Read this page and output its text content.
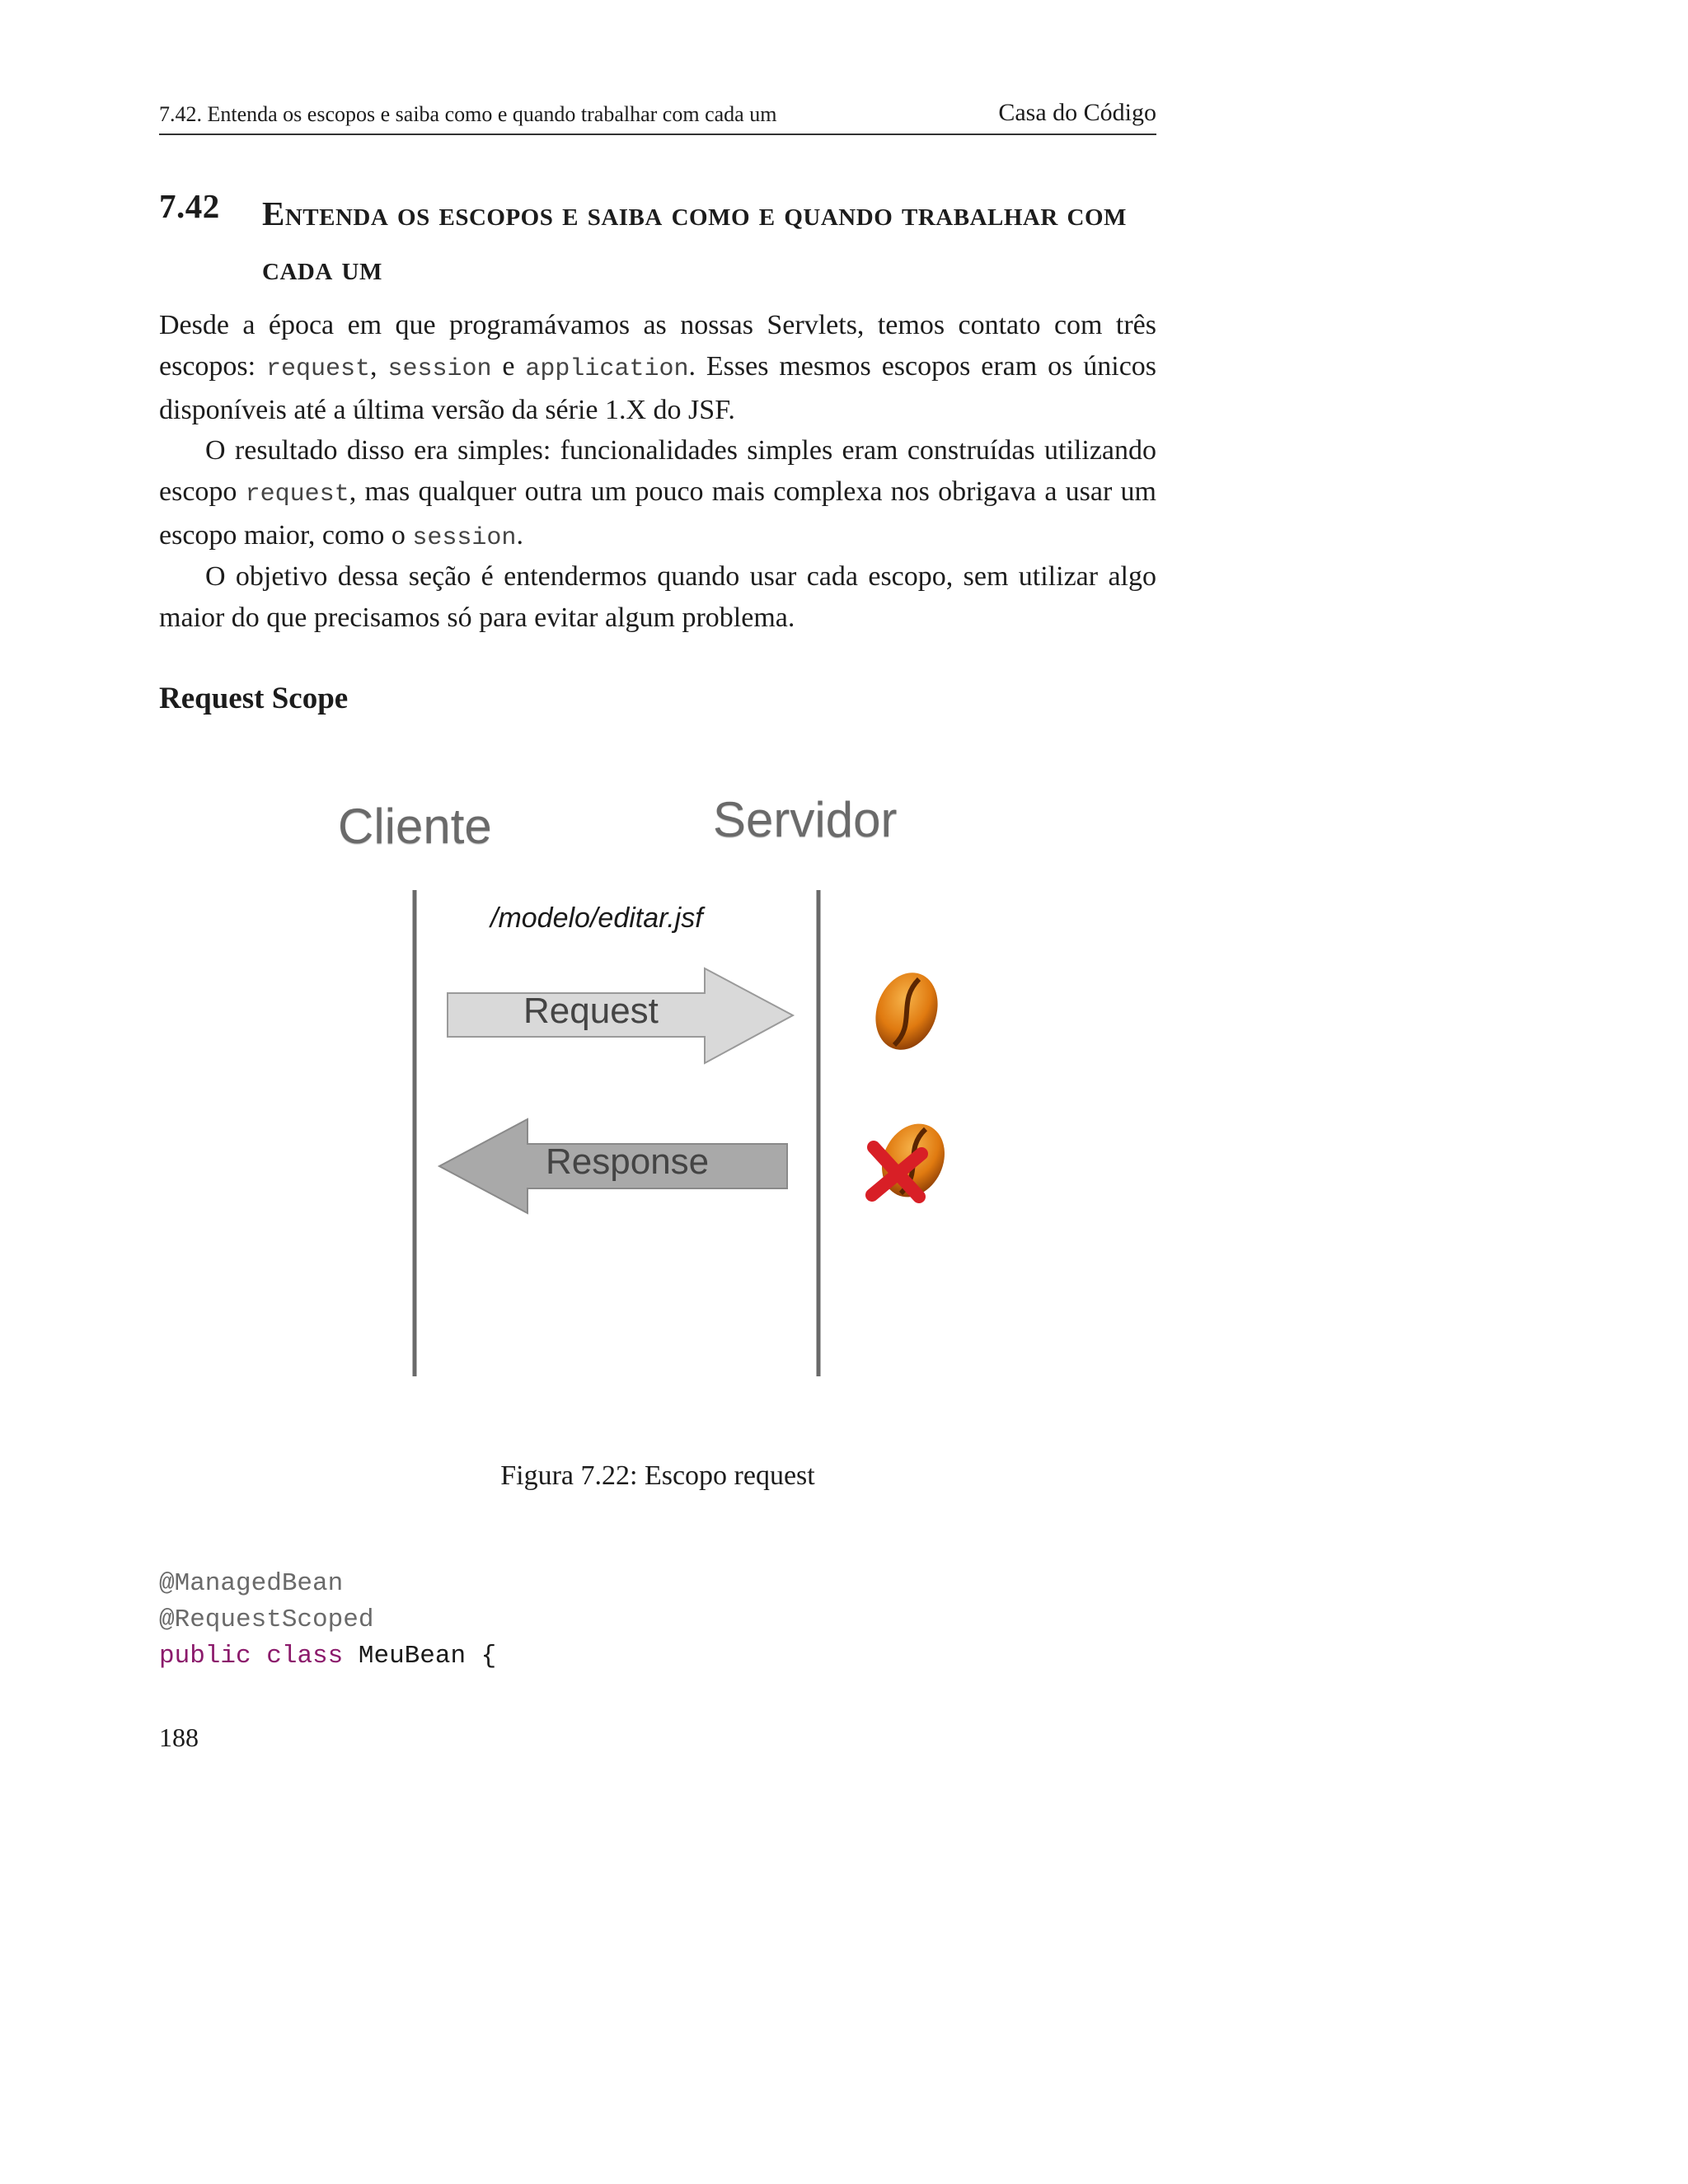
7.42. Entenda os escopos e saiba como e quando trabalhar com cada um	Casa do Código
7.42 Entenda os escopos e saiba como e quando trabalhar com cada um

Desde a época em que programávamos as nossas Servlets, temos contato com três escopos: request, session e application. Esses mesmos escopos eram os únicos disponíveis até a última versão da série 1.X do JSF.

O resultado disso era simples: funcionalidades simples eram construídas utilizando escopo request, mas qualquer outra um pouco mais complexa nos obrigava a usar um escopo maior, como o session.

O objetivo dessa seção é entendermos quando usar cada escopo, sem utilizar algo maior do que precisamos só para evitar algum problema.

Request Scope
Cliente	Servidor
/modelo/editar.jsf
Request
Response
Figura 7.22: Escopo request
@ManagedBean
@RequestScoped
public class MeuBean {
188
